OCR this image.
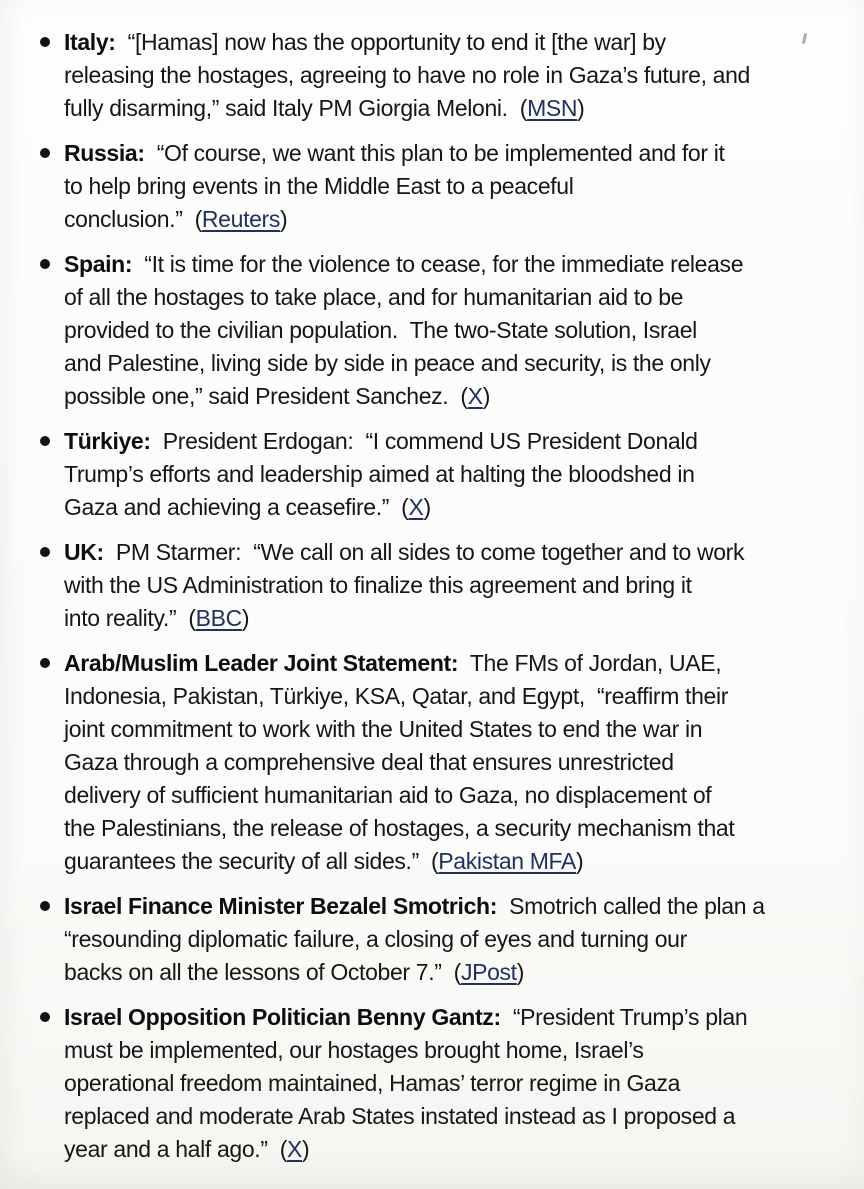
Italy:  “[Hamas] now has the opportunity to end it [the war] by
releasing the hostages, agreeing to have no role in Gaza’s future, and
fully disarming,” said Italy PM Giorgia Meloni.  (MSN)

Russia:  “Of course, we want this plan to be implemented and for it
to help bring events in the Middle East to a peaceful
conclusion.”  (Reuters)

Spain:  “It is time for the violence to cease, for the immediate release
of all the hostages to take place, and for humanitarian aid to be
provided to the civilian population.  The two-State solution, Israel
and Palestine, living side by side in peace and security, is the only
possible one,” said President Sanchez.  (X)

Türkiye:  President Erdogan:  “I commend US President Donald
Trump’s efforts and leadership aimed at halting the bloodshed in
Gaza and achieving a ceasefire.”  (X)

UK:  PM Starmer:  “We call on all sides to come together and to work
with the US Administration to finalize this agreement and bring it
into reality.”  (BBC)

Arab/Muslim Leader Joint Statement:  The FMs of Jordan, UAE,
Indonesia, Pakistan, Türkiye, KSA, Qatar, and Egypt,  “reaffirm their
joint commitment to work with the United States to end the war in
Gaza through a comprehensive deal that ensures unrestricted
delivery of sufficient humanitarian aid to Gaza, no displacement of
the Palestinians, the release of hostages, a security mechanism that
guarantees the security of all sides.”  (Pakistan MFA)

Israel Finance Minister Bezalel Smotrich:  Smotrich called the plan a
“resounding diplomatic failure, a closing of eyes and turning our
backs on all the lessons of October 7.”  (JPost)

Israel Opposition Politician Benny Gantz:  “President Trump’s plan
must be implemented, our hostages brought home, Israel’s
operational freedom maintained, Hamas’ terror regime in Gaza
replaced and moderate Arab States instated instead as I proposed a
year and a half ago.”  (X)
